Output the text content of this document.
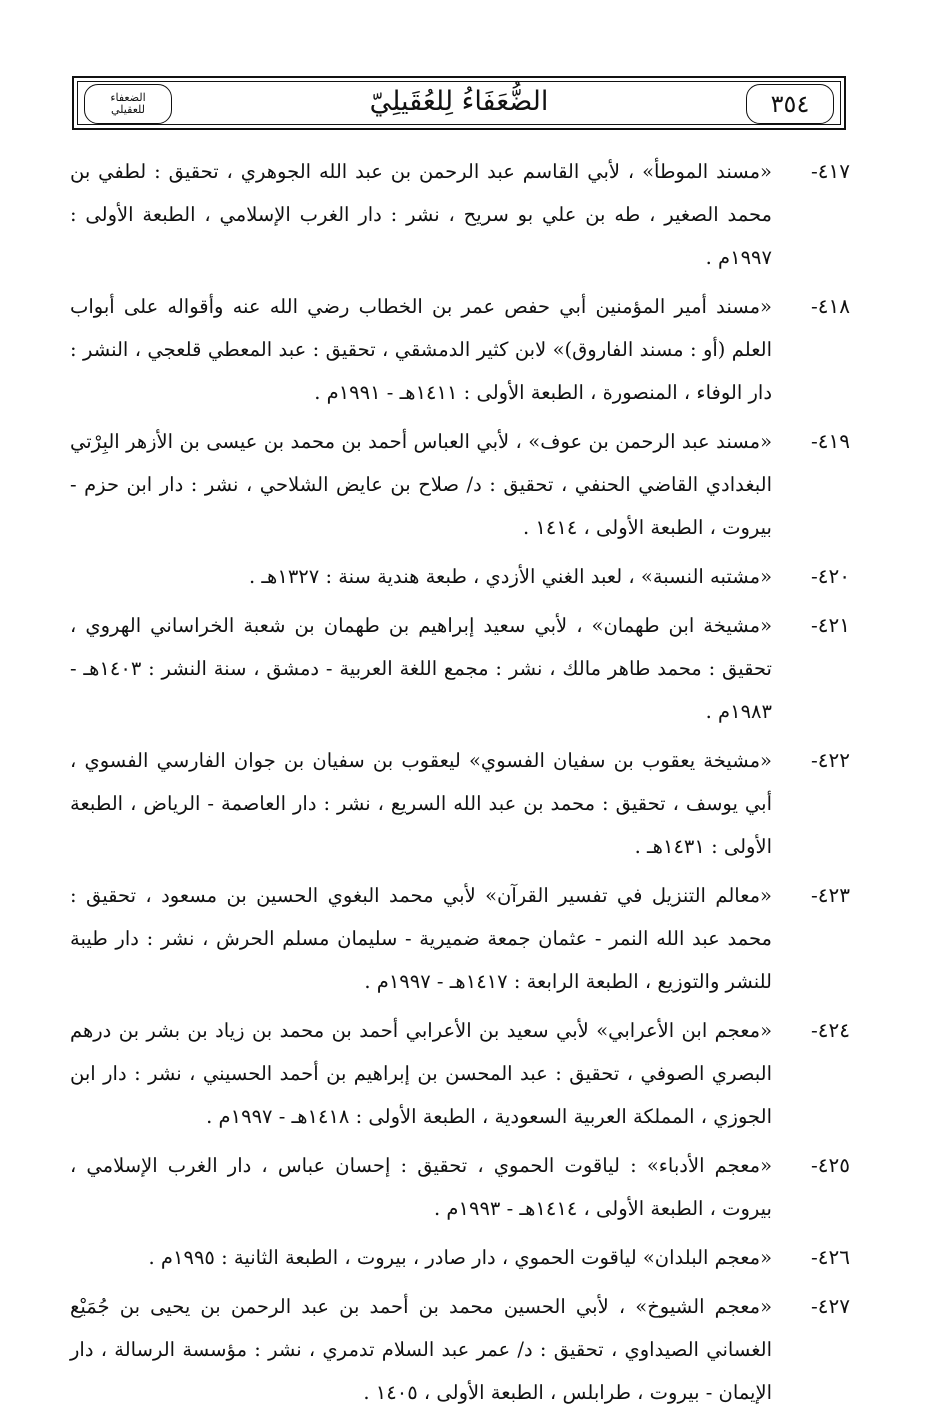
٣٥٤
الضُّعَفَاءُ لِلعُقَيلِيّ
الضعفاء
للعقيلي
٤١٧-
«مسند الموطأ» ، لأبي القاسم عبد الرحمن بن عبد الله الجوهري ، تحقيق : لطفي بن محمد الصغير ، طه بن علي بو سريح ، نشر : دار الغرب الإسلامي ، الطبعة الأولى : ١٩٩٧م .
٤١٨-
«مسند أمير المؤمنين أبي حفص عمر بن الخطاب رضي الله عنه وأقواله على أبواب العلم (أو : مسند الفاروق)» لابن كثير الدمشقي ، تحقيق : عبد المعطي قلعجي ، النشر : دار الوفاء ، المنصورة ، الطبعة الأولى : ١٤١١هـ - ١٩٩١م .
٤١٩-
«مسند عبد الرحمن بن عوف» ، لأبي العباس أحمد بن محمد بن عيسى بن الأزهر البِرْتي البغدادي القاضي الحنفي ، تحقيق : د/ صلاح بن عايض الشلاحي ، نشر : دار ابن حزم - بيروت ، الطبعة الأولى ، ١٤١٤ .
٤٢٠-
«مشتبه النسبة» ، لعبد الغني الأزدي ، طبعة هندية سنة : ١٣٢٧هـ .
٤٢١-
«مشيخة ابن طهمان» ، لأبي سعيد إبراهيم بن طهمان بن شعبة الخراساني الهروي ، تحقيق : محمد طاهر مالك ، نشر : مجمع اللغة العربية - دمشق ، سنة النشر : ١٤٠٣هـ - ١٩٨٣م .
٤٢٢-
«مشيخة يعقوب بن سفيان الفسوي» ليعقوب بن سفيان بن جوان الفارسي الفسوي ، أبي يوسف ، تحقيق : محمد بن عبد الله السريع ، نشر : دار العاصمة - الرياض ، الطبعة الأولى : ١٤٣١هـ .
٤٢٣-
«معالم التنزيل في تفسير القرآن» لأبي محمد البغوي الحسين بن مسعود ، تحقيق : محمد عبد الله النمر - عثمان جمعة ضميرية - سليمان مسلم الحرش ، نشر : دار طيبة للنشر والتوزيع ، الطبعة الرابعة : ١٤١٧هـ - ١٩٩٧م .
٤٢٤-
«معجم ابن الأعرابي» لأبي سعيد بن الأعرابي أحمد بن محمد بن زياد بن بشر بن درهم البصري الصوفي ، تحقيق : عبد المحسن بن إبراهيم بن أحمد الحسيني ، نشر : دار ابن الجوزي ، المملكة العربية السعودية ، الطبعة الأولى : ١٤١٨هـ - ١٩٩٧م .
٤٢٥-
«معجم الأدباء» : لياقوت الحموي ، تحقيق : إحسان عباس ، دار الغرب الإسلامي ، بيروت ، الطبعة الأولى ، ١٤١٤هـ - ١٩٩٣م .
٤٢٦-
«معجم البلدان» لياقوت الحموي ، دار صادر ، بيروت ، الطبعة الثانية : ١٩٩٥م .
٤٢٧-
«معجم الشيوخ» ، لأبي الحسين محمد بن أحمد بن عبد الرحمن بن يحيى بن جُمَيْع الغساني الصيداوي ، تحقيق : د/ عمر عبد السلام تدمري ، نشر : مؤسسة الرسالة ، دار الإيمان - بيروت ، طرابلس ، الطبعة الأولى ، ١٤٠٥ .
